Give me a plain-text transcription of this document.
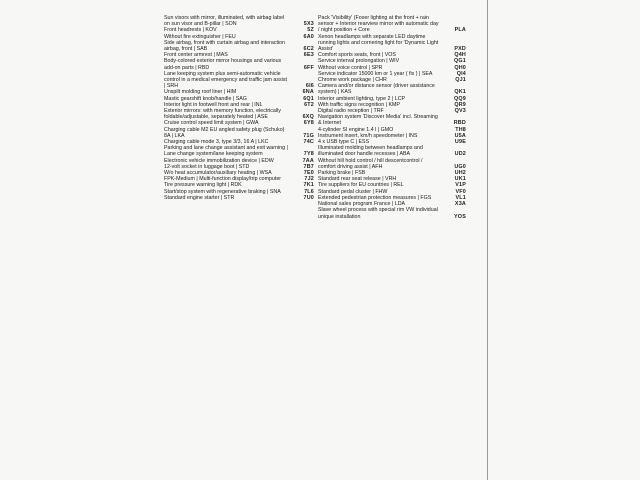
Sun visors with mirror, illuminated, with airbag label on sun visor and B-pillar | SON	5X3
Front headrests | KOV	5Z
Without fire extinguisher | FEU	6A0
Side airbag, front with curtain airbag and interaction airbag, front | SAB	6C2
Front center armrest | MAS	6E3
Body-colored exterior mirror housings and various add-on parts | RBD	6FF
Lane keeping system plus semi-automatic vehicle control in a medical emergency and traffic jam assist | SRH	6I6
Unspilt molding roof liner | HIM	6NA
Mastic gearshift knob/handle | SAG	6Q1
Interior light in footwell front and rear | INL	6T2
Exterior mirrors: with memory function, electrically foldable/adjustable, separately heated | ASE	6XQ
Cruise control speed limit system | GWA	6Y8
Charging cable M2 EU angled safety plug (Schuko) 8A | LKA	71G
Charging cable mode 3, type 3/3, 16 A | LKC	74C
Parking and lane change assistant and exit warning | Lane change system/lane keeping system	7Y8
Electronic vehicle immobilization device | EDW	7AA
12-volt socket in luggage boot | STD	7B7
W/o heat accumulator/auxiliary heating | WSA	7E0
FPK-Medium | Multi-function display/trip computer	7J2
Tire pressure warning light | RDK	7K1
Start/stop system with regenerative braking | SNA	7L6
Standard engine starter | STR	7U0
Pack 'Visibility' (Foxer lighting at the front + rain sensor + Interior rearview mirror with automatic day / night position + Core	PLA
Xenon headlamps with separate LED daytime running lights and cornering light for 'Dynamic Light Assist'	PXD
Comfort sports seats, front | VOS	Q4H
Service interval prolongation | WIV	QG1
Without voice control | SPR	QH0
Service indicator 15000 km or 1 year ( fix ) | SEA	QI4
Chrome work package | CHR	QJ1
Camera and/or distance sensor (driver assistance system) | KAS	QK1
Interior ambient lighting, type 2 | LCP	QQ9
With traffic signs recognition | KMP	QR9
Digital radio reception | TRF	QV3
Navigation system 'Discover Media' incl. Streaming & Internet	RBD
4-cylinder SI engine 1.4 l | GMO	TH8
Instrument insert, km/h speedometer | INS	U5A
4 x USB type C | ESS	U9E
Illuminated molding between headlamps and illuminated door handle recesses | ABA	UD2
Without hill hold control / hill descentcontrol / comfort driving assist | AFH	UG0
Parking brake | FSB	UH2
Standard rear seat release | VRH	UK1
Tire suppliers for EU countries | REL	V1P
Standard pedal cluster | FHW	VF0
Extended pedestrian protection measures | FGS	VL1
National sales program France | LDA	X3A
Slave wheel process with special rim VW individual unique installation	YOS
